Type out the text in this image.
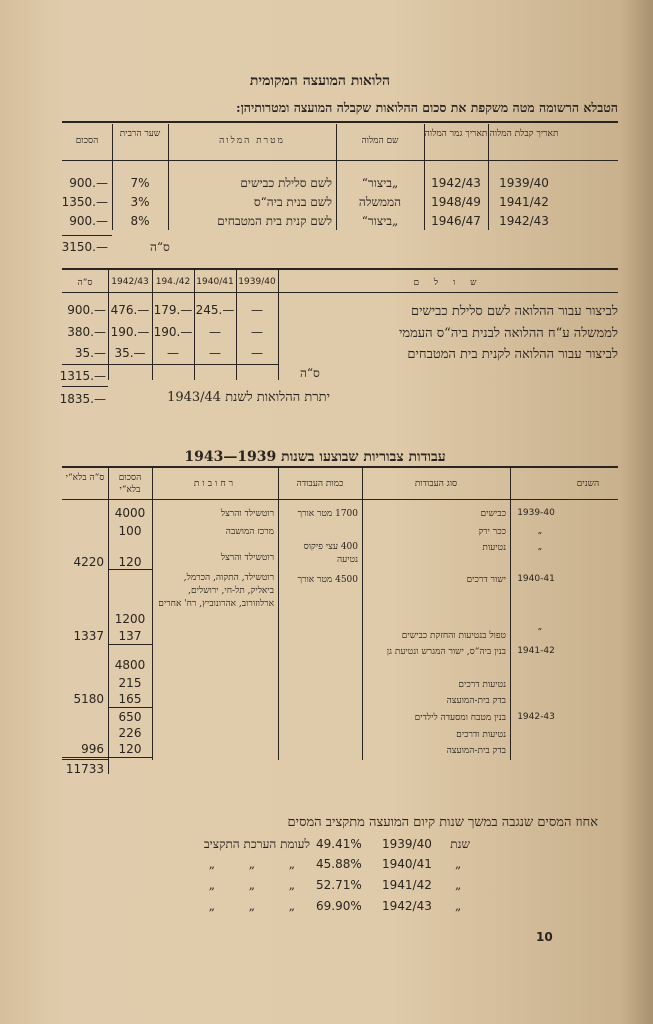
הלואות המועצה המקומית
הטבלא הרשומה מטה משקפת את סכום ההלואות שקבלה המועצה ומטרותיהן:
תאריך קבלת המלוה
תאריך גמר המלוה
שם המלוה
מטרת המלוה
שער הרבית
הסכום
1939/40
1942/43
„ביצור“
לשם סלילת כבישים
7%
900.—
1941/42
1948/49
הממשלה
לשם בנית ביה“ס
3%
1350.—
1942/43
1946/47
„ביצור“
לשם קנית בית המטבחים
8%
900.—
3150.—	ס“ה
ש ו ל ם
1939/40
1940/41
194./42
1942/43
ס“ה
לביצור עבור ההלואה לשם סלילת כבישים
—
245.—
179.—
476.—
900.—
לממשלה ע“ח ההלואה לבנית ביה“ס העממי
—
—
190.—
190.—
380.—
לביצור עבור ההלואה לקנית בית המטבחים
—
—
—
35.—
35.—
ס“ה
1315.—
יתרת ההלואות לשנת 1943/44
1835.—
עבודות צבוריות שבוצעו בשנות 1939—1943
השנים
סוג העבודות
כמות העבודה
רחובות
הסכום בלא“י
ס“ה בלא“י
1939-40
כבישים
1700 מטר אורך
רוטשילד והרצל
4000
„
ככר ירק
מרכז המושבה
100
„
נטיעות
400 עצי פיקוס נטיעה
רוטשילד והרצל
120
4220
1940-41
ישור דרכים
4500 מטר אורך
רוטשילד, התקוה, הכרמל, ביאליק, תל-חי, ירושלים, ארלוזורוב, אהרונוביץ, רח' אחרים
1200
„
טפול בנטיעות והחזקת כבישים
137
1337
1941-42
בנין ביה“ס, ישור המגרש ונטיעת גן
4800
נטיעות דרכים
215
בדק בית-המועצה
165
5180
1942-43
בנין מטבח ומסעדה לילדים
650
נטיעות ודרכים
226
בדק בית-המועצה
120
996
11733
אחוז המסים שנגבה במשך שנות קיום המועצה מתקציב המסים
שנת
1939/40
49.41%
לעומת הערכת התקציב
„
1940/41
45.88%
„ „ „
„
1941/42
52.71%
„ „ „
„
1942/43
69.90%
„ „ „
10
